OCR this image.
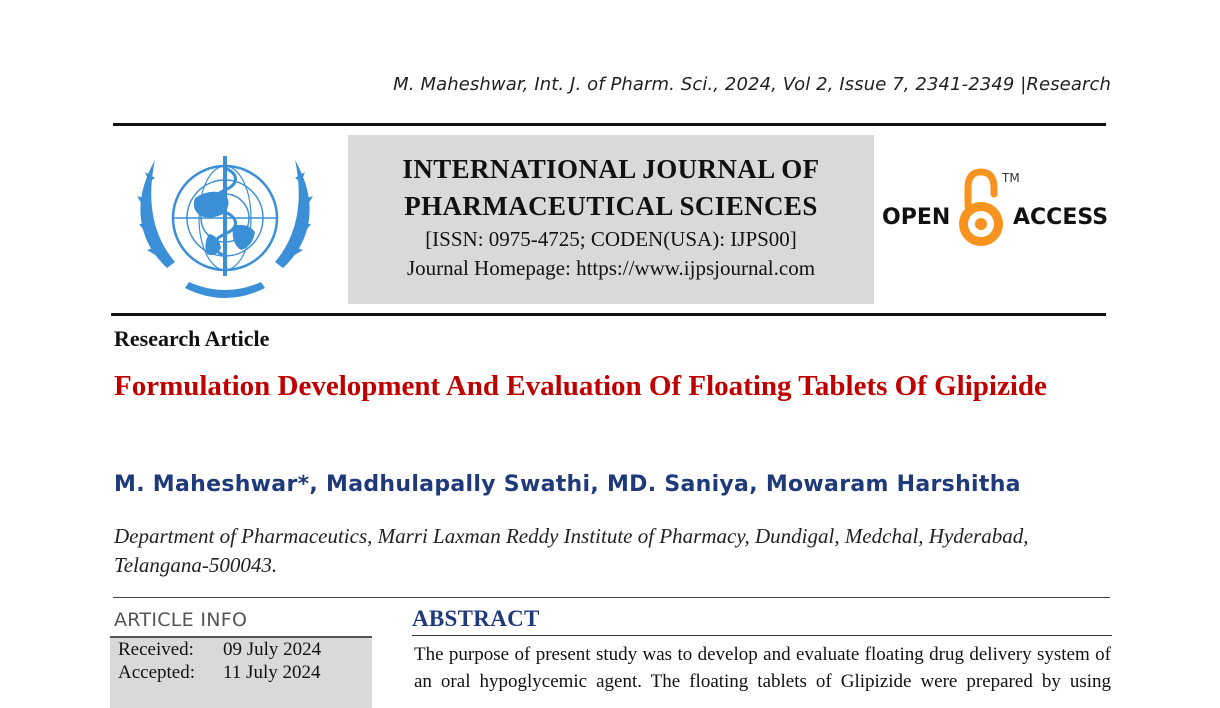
M. Maheshwar, Int. J. of Pharm. Sci., 2024, Vol 2, Issue 7, 2341-2349 |Research
INTERNATIONAL JOURNAL OF
PHARMACEUTICAL SCIENCES
[ISSN: 0975-4725; CODEN(USA): IJPS00]
Journal Homepage: https://www.ijpsjournal.com
OPEN
TM
ACCESS
Research Article
Formulation Development And Evaluation Of Floating Tablets Of Glipizide
M. Maheshwar*, Madhulapally Swathi, MD. Saniya, Mowaram Harshitha
Department of Pharmaceutics, Marri Laxman Reddy Institute of Pharmacy, Dundigal, Medchal, Hyderabad, Telangana-500043.
ARTICLE INFO
Received: 09 July 2024
Accepted: 11 July 2024
ABSTRACT
The purpose of present study was to develop and evaluate floating drug delivery system of an oral hypoglycemic agent. The floating tablets of Glipizide were prepared by using
